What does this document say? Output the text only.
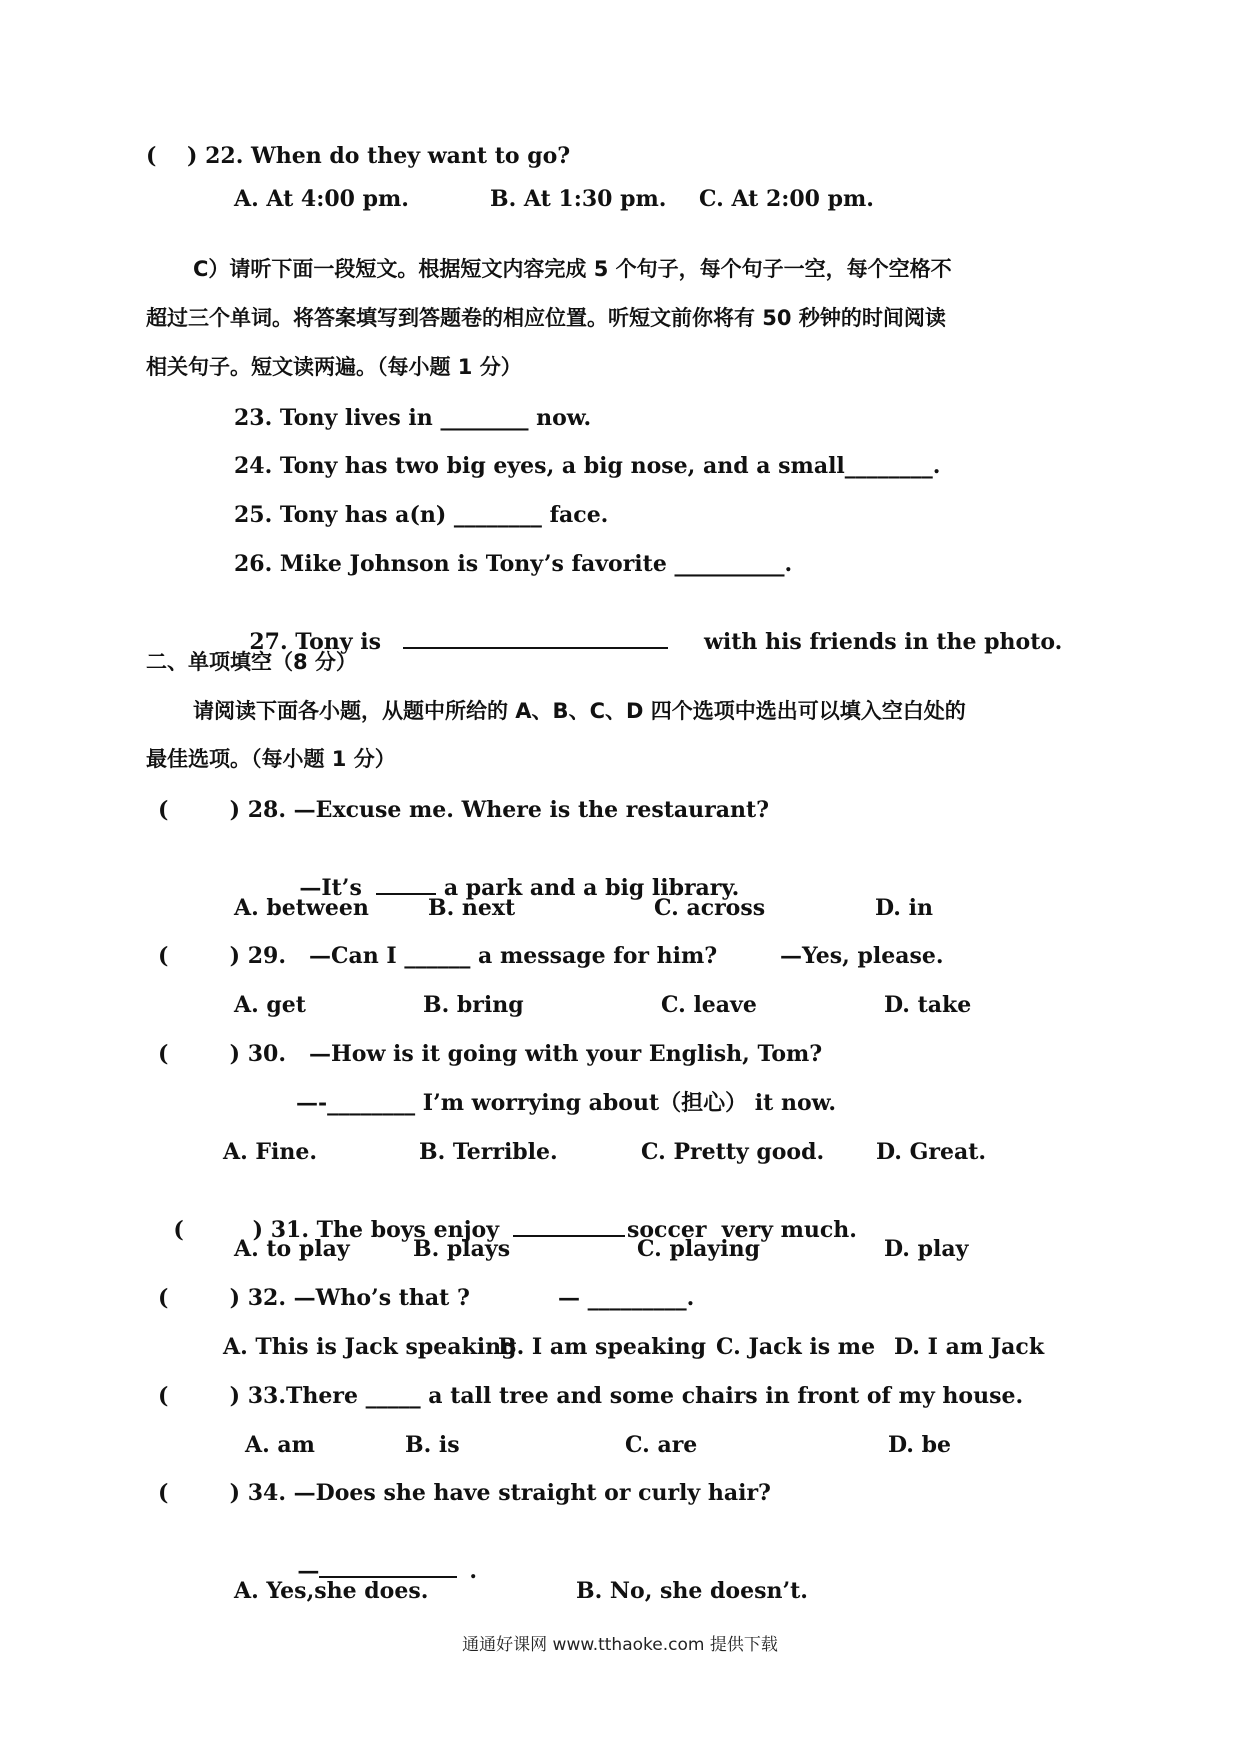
(    ) 22. When do they want to go?
A. At 4:00 pm.	B. At 1:30 pm. C. At 2:00 pm.
C）请听下面一段短文。根据短文内容完成 5 个句子，每个句子一空，每个空格不
超过三个单词。将答案填写到答题卷的相应位置。听短文前你将有 50 秒钟的时间阅读
相关句子。短文读两遍。（每小题 1 分）
23. Tony lives in ________ now.
24. Tony has two big eyes, a big nose, and a small________.
25. Tony has a(n) ________ face.
26. Mike Johnson is Tony’s favorite __________.

27. Tony is	with his friends in the photo.

二、单项填空（8 分）
请阅读下面各小题，从题中所给的 A、B、C、D 四个选项中选出可以填入空白处的
最佳选项。（每小题 1 分）
(        ) 28. —Excuse me. Where is the restaurant?

—It’s	a park and a big library.

A. between	B. next	C. across	D. in
(        ) 29.   —Can I ______ a message for him?	—Yes, please.
A. get	B. bring	C. leave	D. take
(        ) 30.   —How is it going with your English, Tom?
—-________ I’m worrying about（担心） it now.
A. Fine.	B. Terrible.	C. Pretty good. D. Great.

(         ) 31. The boys enjoy	soccer  very much.

A. to play	B. plays	C. playing	D. play
(        ) 32. —Who’s that ?	— _________.
A. This is Jack speaking
B. I am speaking C. Jack is me D. I am Jack
(        ) 33.There _____ a tall tree and some chairs in front of my house.
A. am	B. is	C. are	D. be
(        ) 34. —Does she have straight or curly hair?

—	.

A. Yes,she does.	B. No, she doesn’t.
通通好课网 www.tthaoke.com 提供下载
